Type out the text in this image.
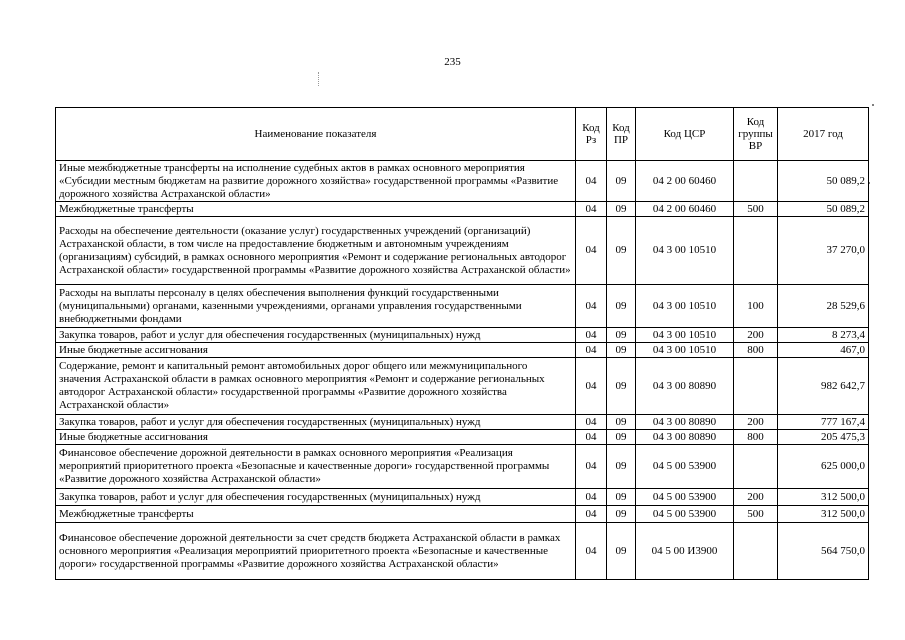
235
Наименование показателя	Код Рз	Код ПР	Код ЦСР	Код группы ВР	2017 год
Иные межбюджетные трансферты на исполнение судебных актов в рамках основного мероприятия «Субсидии местным бюджетам на развитие дорожного хозяйства» государственной программы «Развитие дорожного хозяйства Астраханской области»	04	09	04 2 00 60460		50 089,2
Межбюджетные трансферты	04	09	04 2 00 60460	500	50 089,2
Расходы на обеспечение деятельности (оказание услуг) государственных учреждений (организаций) Астраханской области, в том числе на предоставление бюджетным и автономным учреждениям (организациям) субсидий, в рамках основного мероприятия «Ремонт и содержание региональных автодорог Астраханской области» государственной программы «Развитие дорожного хозяйства Астраханской области»	04	09	04 3 00 10510		37 270,0
Расходы на выплаты персоналу в целях обеспечения выполнения функций государственными (муниципальными) органами, казенными учреждениями, органами управления государственными внебюджетными фондами	04	09	04 3 00 10510	100	28 529,6
Закупка товаров, работ и услуг для обеспечения государственных (муниципальных) нужд	04	09	04 3 00 10510	200	8 273,4
Иные бюджетные ассигнования	04	09	04 3 00 10510	800	467,0
Содержание, ремонт и капитальный ремонт автомобильных дорог общего или межмуниципального значения Астраханской области в рамках основного мероприятия «Ремонт и содержание региональных автодорог Астраханской области» государственной программы «Развитие дорожного хозяйства Астраханской области»	04	09	04 3 00 80890		982 642,7
Закупка товаров, работ и услуг для обеспечения государственных (муниципальных) нужд	04	09	04 3 00 80890	200	777 167,4
Иные бюджетные ассигнования	04	09	04 3 00 80890	800	205 475,3
Финансовое обеспечение дорожной деятельности в рамках основного мероприятия «Реализация мероприятий приоритетного проекта «Безопасные и качественные дороги» государственной программы «Развитие дорожного хозяйства Астраханской области»	04	09	04 5 00 53900		625 000,0
Закупка товаров, работ и услуг для обеспечения государственных (муниципальных) нужд	04	09	04 5 00 53900	200	312 500,0
Межбюджетные трансферты	04	09	04 5 00 53900	500	312 500,0
Финансовое обеспечение дорожной деятельности за счет средств бюджета Астраханской области в рамках основного мероприятия «Реализация мероприятий приоритетного проекта «Безопасные и качественные дороги» государственной программы «Развитие дорожного хозяйства Астраханской области»	04	09	04 5 00 И3900		564 750,0
